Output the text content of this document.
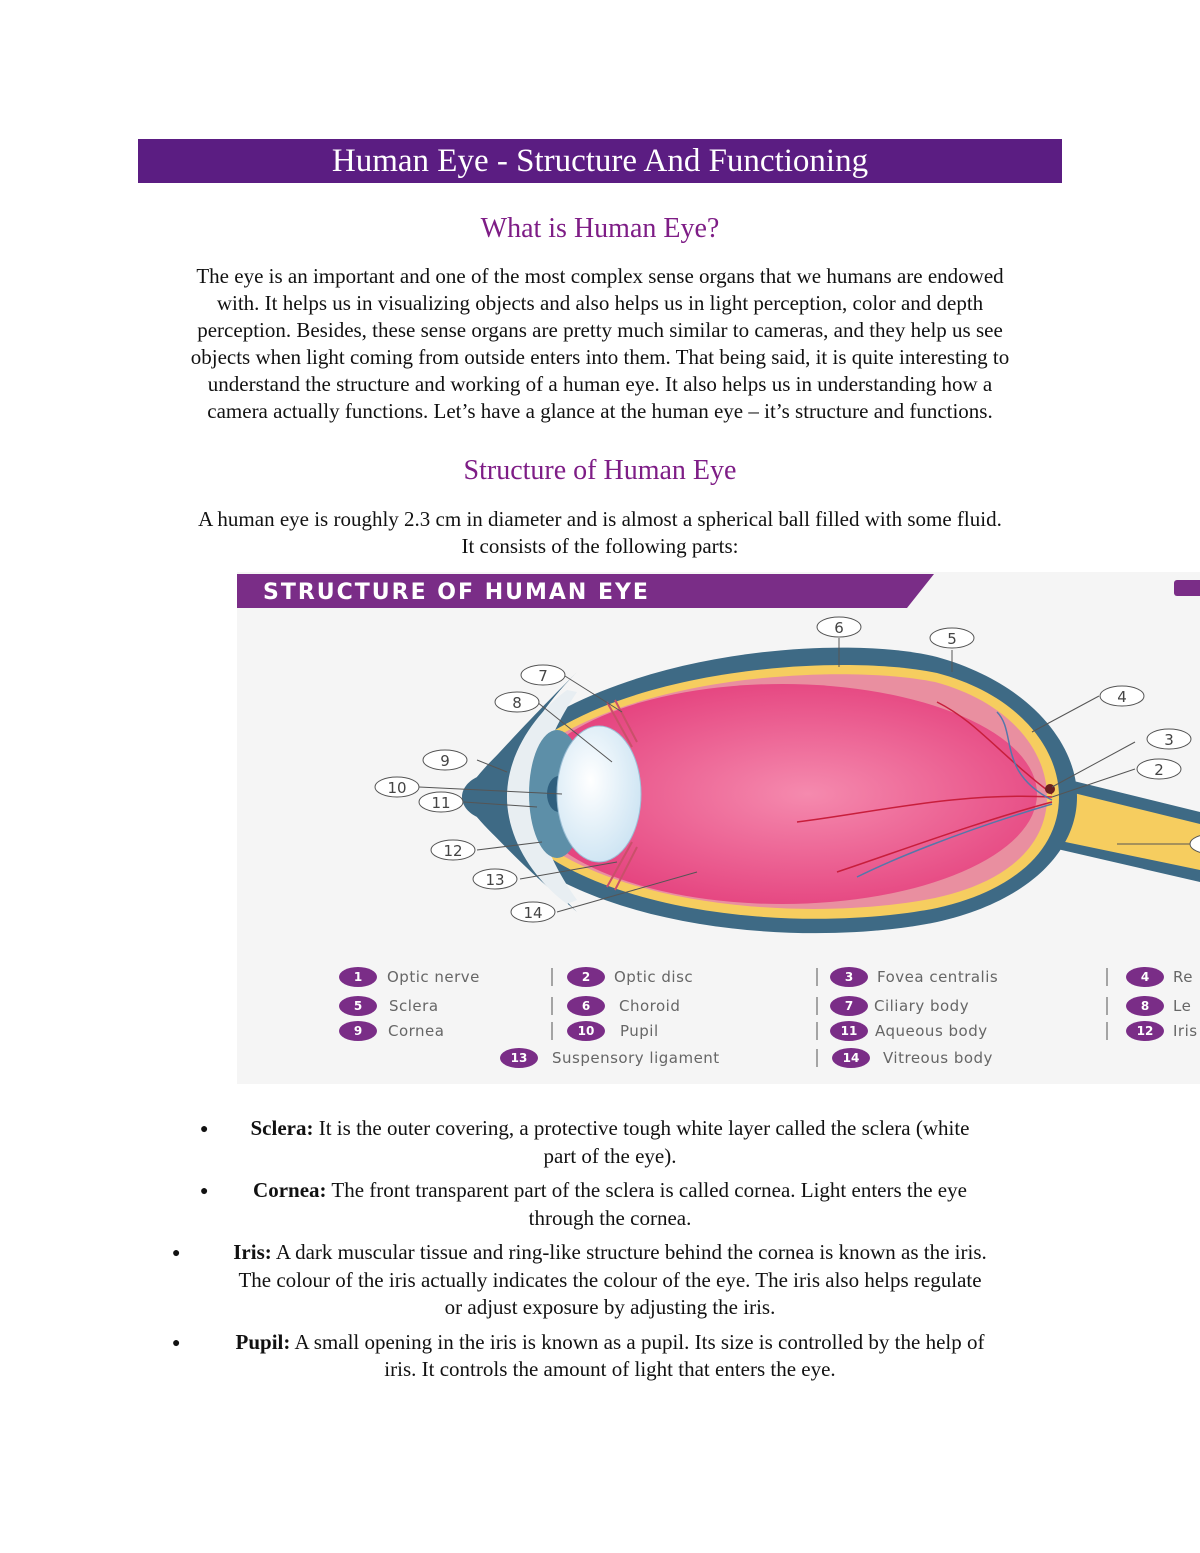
Human Eye - Structure And Functioning
What is Human Eye?
The eye is an important and one of the most complex sense organs that we humans are endowed
with. It helps us in visualizing objects and also helps us in light perception, color and depth
perception. Besides, these sense organs are pretty much similar to cameras, and they help us see
objects when light coming from outside enters into them. That being said, it is quite interesting to
understand the structure and working of a human eye. It also helps us in understanding how a
camera actually functions. Let’s have a glance at the human eye – it’s structure and functions.
Structure of Human Eye
A human eye is roughly 2.3 cm in diameter and is almost a spherical ball filled with some fluid.
It consists of the following parts:
STRUCTURE OF HUMAN EYE
6
5
4
3
2
7
8
9
10
11
12
13
14
1 Optic nerve	2 Optic disc	3 Fovea centralis	4 Re
5 Sclera	6 Choroid	7 Ciliary body	8 Le
9 Cornea	10 Pupil	11 Aqueous body	12 Iris
13 Suspensory ligament	14 Vitreous body
●	Sclera: It is the outer covering, a protective tough white layer called the sclera (white
part of the eye).
●	Cornea: The front transparent part of the sclera is called cornea. Light enters the eye
through the cornea.
●	Iris: A dark muscular tissue and ring-like structure behind the cornea is known as the iris.
The colour of the iris actually indicates the colour of the eye. The iris also helps regulate
or adjust exposure by adjusting the iris.
●	Pupil: A small opening in the iris is known as a pupil. Its size is controlled by the help of
iris. It controls the amount of light that enters the eye.
